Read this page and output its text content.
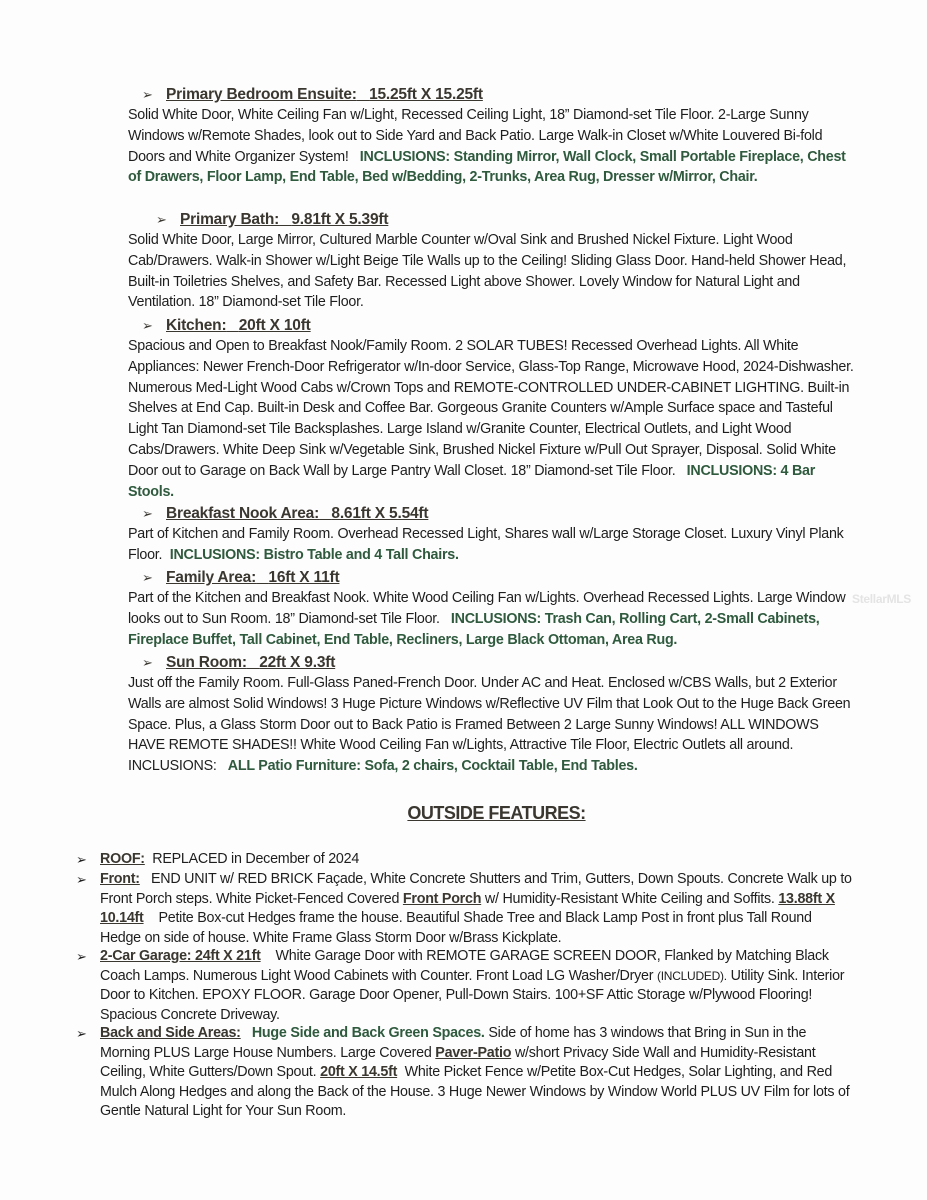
➢ Primary Bedroom Ensuite: 15.25ft X 15.25ft
Solid White Door, White Ceiling Fan w/Light, Recessed Ceiling Light, 18” Diamond-set Tile Floor. 2-Large Sunny Windows w/Remote Shades, look out to Side Yard and Back Patio. Large Walk-in Closet w/White Louvered Bi-fold Doors and White Organizer System! INCLUSIONS: Standing Mirror, Wall Clock, Small Portable Fireplace, Chest of Drawers, Floor Lamp, End Table, Bed w/Bedding, 2-Trunks, Area Rug, Dresser w/Mirror, Chair.
➢ Primary Bath: 9.81ft X 5.39ft
Solid White Door, Large Mirror, Cultured Marble Counter w/Oval Sink and Brushed Nickel Fixture. Light Wood Cab/Drawers. Walk-in Shower w/Light Beige Tile Walls up to the Ceiling! Sliding Glass Door. Hand-held Shower Head, Built-in Toiletries Shelves, and Safety Bar. Recessed Light above Shower. Lovely Window for Natural Light and Ventilation. 18” Diamond-set Tile Floor.
➢ Kitchen: 20ft X 10ft
Spacious and Open to Breakfast Nook/Family Room. 2 SOLAR TUBES! Recessed Overhead Lights. All White Appliances: Newer French-Door Refrigerator w/In-door Service, Glass-Top Range, Microwave Hood, 2024-Dishwasher. Numerous Med-Light Wood Cabs w/Crown Tops and REMOTE-CONTROLLED UNDER-CABINET LIGHTING. Built-in Shelves at End Cap. Built-in Desk and Coffee Bar. Gorgeous Granite Counters w/Ample Surface space and Tasteful Light Tan Diamond-set Tile Backsplashes. Large Island w/Granite Counter, Electrical Outlets, and Light Wood Cabs/Drawers. White Deep Sink w/Vegetable Sink, Brushed Nickel Fixture w/Pull Out Sprayer, Disposal. Solid White Door out to Garage on Back Wall by Large Pantry Wall Closet. 18” Diamond-set Tile Floor. INCLUSIONS: 4 Bar Stools.
➢ Breakfast Nook Area: 8.61ft X 5.54ft
Part of Kitchen and Family Room. Overhead Recessed Light, Shares wall w/Large Storage Closet. Luxury Vinyl Plank Floor. INCLUSIONS: Bistro Table and 4 Tall Chairs.
➢ Family Area: 16ft X 11ft
Part of the Kitchen and Breakfast Nook. White Wood Ceiling Fan w/Lights. Overhead Recessed Lights. Large Window looks out to Sun Room. 18” Diamond-set Tile Floor. INCLUSIONS: Trash Can, Rolling Cart, 2-Small Cabinets, Fireplace Buffet, Tall Cabinet, End Table, Recliners, Large Black Ottoman, Area Rug.
➢ Sun Room: 22ft X 9.3ft
Just off the Family Room. Full-Glass Paned-French Door. Under AC and Heat. Enclosed w/CBS Walls, but 2 Exterior Walls are almost Solid Windows! 3 Huge Picture Windows w/Reflective UV Film that Look Out to the Huge Back Green Space. Plus, a Glass Storm Door out to Back Patio is Framed Between 2 Large Sunny Windows! ALL WINDOWS HAVE REMOTE SHADES!! White Wood Ceiling Fan w/Lights, Attractive Tile Floor, Electric Outlets all around. INCLUSIONS: ALL Patio Furniture: Sofa, 2 chairs, Cocktail Table, End Tables.
OUTSIDE FEATURES:
➢ ROOF: REPLACED in December of 2024
➢ Front: END UNIT w/ RED BRICK Façade, White Concrete Shutters and Trim, Gutters, Down Spouts. Concrete Walk up to Front Porch steps. White Picket-Fenced Covered Front Porch w/ Humidity-Resistant White Ceiling and Soffits. 13.88ft X 10.14ft Petite Box-cut Hedges frame the house. Beautiful Shade Tree and Black Lamp Post in front plus Tall Round Hedge on side of house. White Frame Glass Storm Door w/Brass Kickplate.
➢ 2-Car Garage: 24ft X 21ft White Garage Door with REMOTE GARAGE SCREEN DOOR, Flanked by Matching Black Coach Lamps. Numerous Light Wood Cabinets with Counter. Front Load LG Washer/Dryer (INCLUDED). Utility Sink. Interior Door to Kitchen. EPOXY FLOOR. Garage Door Opener, Pull-Down Stairs. 100+SF Attic Storage w/Plywood Flooring! Spacious Concrete Driveway.
➢ Back and Side Areas: Huge Side and Back Green Spaces. Side of home has 3 windows that Bring in Sun in the Morning PLUS Large House Numbers. Large Covered Paver-Patio w/short Privacy Side Wall and Humidity-Resistant Ceiling, White Gutters/Down Spout. 20ft X 14.5ft White Picket Fence w/Petite Box-Cut Hedges, Solar Lighting, and Red Mulch Along Hedges and along the Back of the House. 3 Huge Newer Windows by Window World PLUS UV Film for lots of Gentle Natural Light for Your Sun Room.
StellarMLS
